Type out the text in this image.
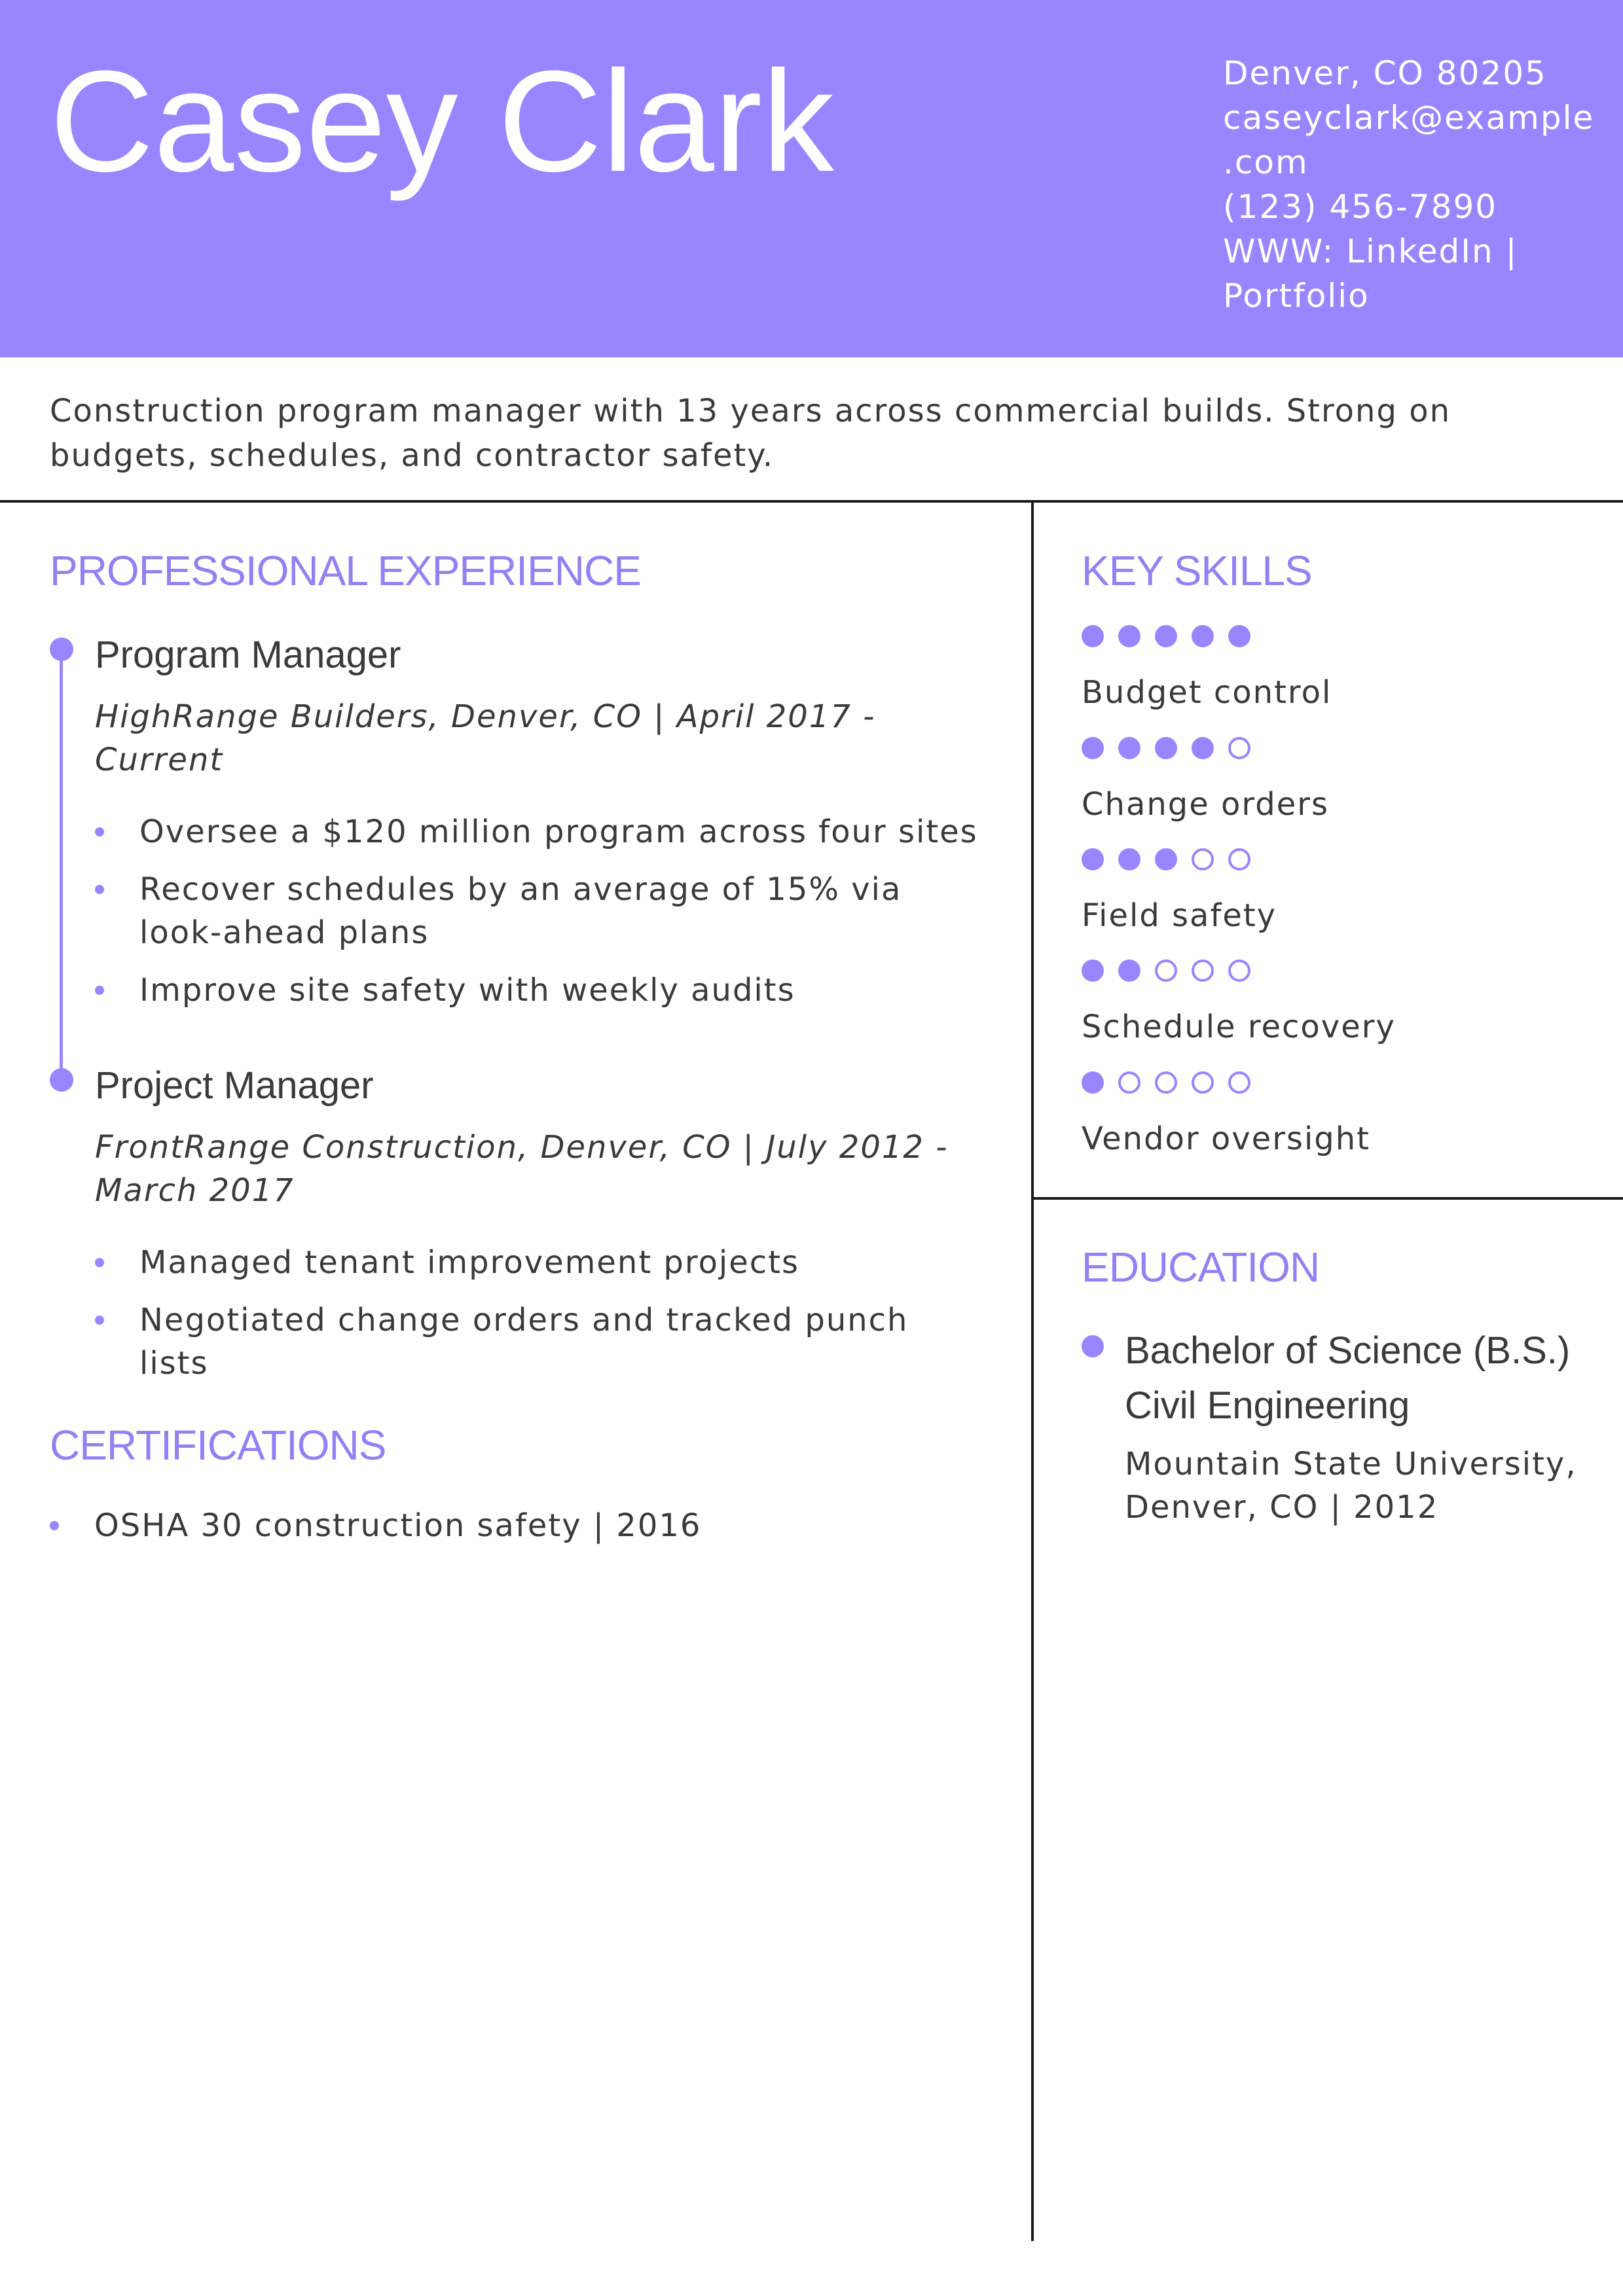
Casey Clark	Denver, CO 80205
caseyclark@example
.com
(123) 456-7890
WWW: LinkedIn |
Portfolio
Construction program manager with 13 years across commercial builds. Strong on budgets, schedules, and contractor safety.
PROFESSIONAL EXPERIENCE
Program Manager
HighRange Builders, Denver, CO | April 2017 - Current
Oversee a $120 million program across four sites
Recover schedules by an average of 15% via look-ahead plans
Improve site safety with weekly audits
Project Manager
FrontRange Construction, Denver, CO | July 2012 - March 2017
Managed tenant improvement projects
Negotiated change orders and tracked punch lists
CERTIFICATIONS
OSHA 30 construction safety | 2016
KEY SKILLS
Budget control
Change orders
Field safety
Schedule recovery
Vendor oversight
EDUCATION
Bachelor of Science (B.S.)
Civil Engineering
Mountain State University,
Denver, CO | 2012
